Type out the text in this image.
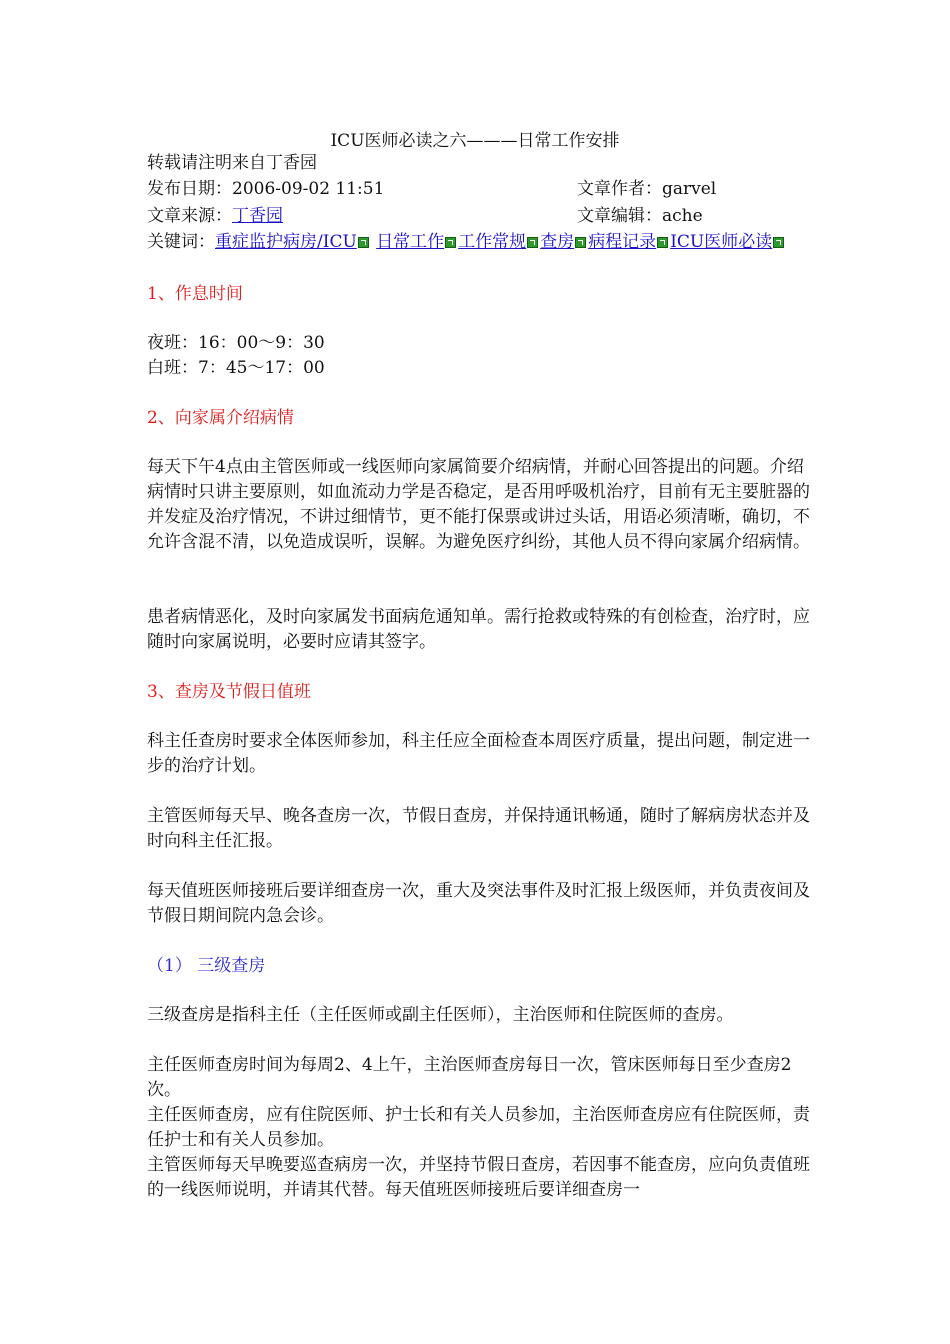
ICU医师必读之六———日常工作安排
转载请注明来自丁香园
发布日期：2006-09-02 11:51	文章作者：garvel
文章来源：丁香园	文章编辑：ache
关键词：重症监护病房/ICU 日常工作 工作常规 查房 病程记录 ICU医师必读
1、作息时间
夜班：16：00～9：30
白班：7：45～17：00
2、向家属介绍病情

每天下午4点由主管医师或一线医师向家属简要介绍病情，并耐心回答提出的问题。介绍病情时只讲主要原则，如血流动力学是否稳定，是否用呼吸机治疗，目前有无主要脏器的并发症及治疗情况，不讲过细情节，更不能打保票或讲过头话，用语必须清晰，确切，不允许含混不清，以免造成误听，误解。为避免医疗纠纷，其他人员不得向家属介绍病情。

患者病情恶化，及时向家属发书面病危通知单。需行抢救或特殊的有创检查，治疗时，应随时向家属说明，必要时应请其签字。

3、查房及节假日值班

科主任查房时要求全体医师参加，科主任应全面检查本周医疗质量，提出问题，制定进一步的治疗计划。

主管医师每天早、晚各查房一次，节假日查房，并保持通讯畅通，随时了解病房状态并及时向科主任汇报。

每天值班医师接班后要详细查房一次，重大及突法事件及时汇报上级医师，并负责夜间及节假日期间院内急会诊。

（1） 三级查房

三级查房是指科主任（主任医师或副主任医师），主治医师和住院医师的查房。

主任医师查房时间为每周2、4上午，主治医师查房每日一次，管床医师每日至少查房2次。

主任医师查房，应有住院医师、护士长和有关人员参加，主治医师查房应有住院医师，责任护士和有关人员参加。

主管医师每天早晚要巡查病房一次，并坚持节假日查房，若因事不能查房，应向负责值班的一线医师说明，并请其代替。每天值班医师接班后要详细查房一
